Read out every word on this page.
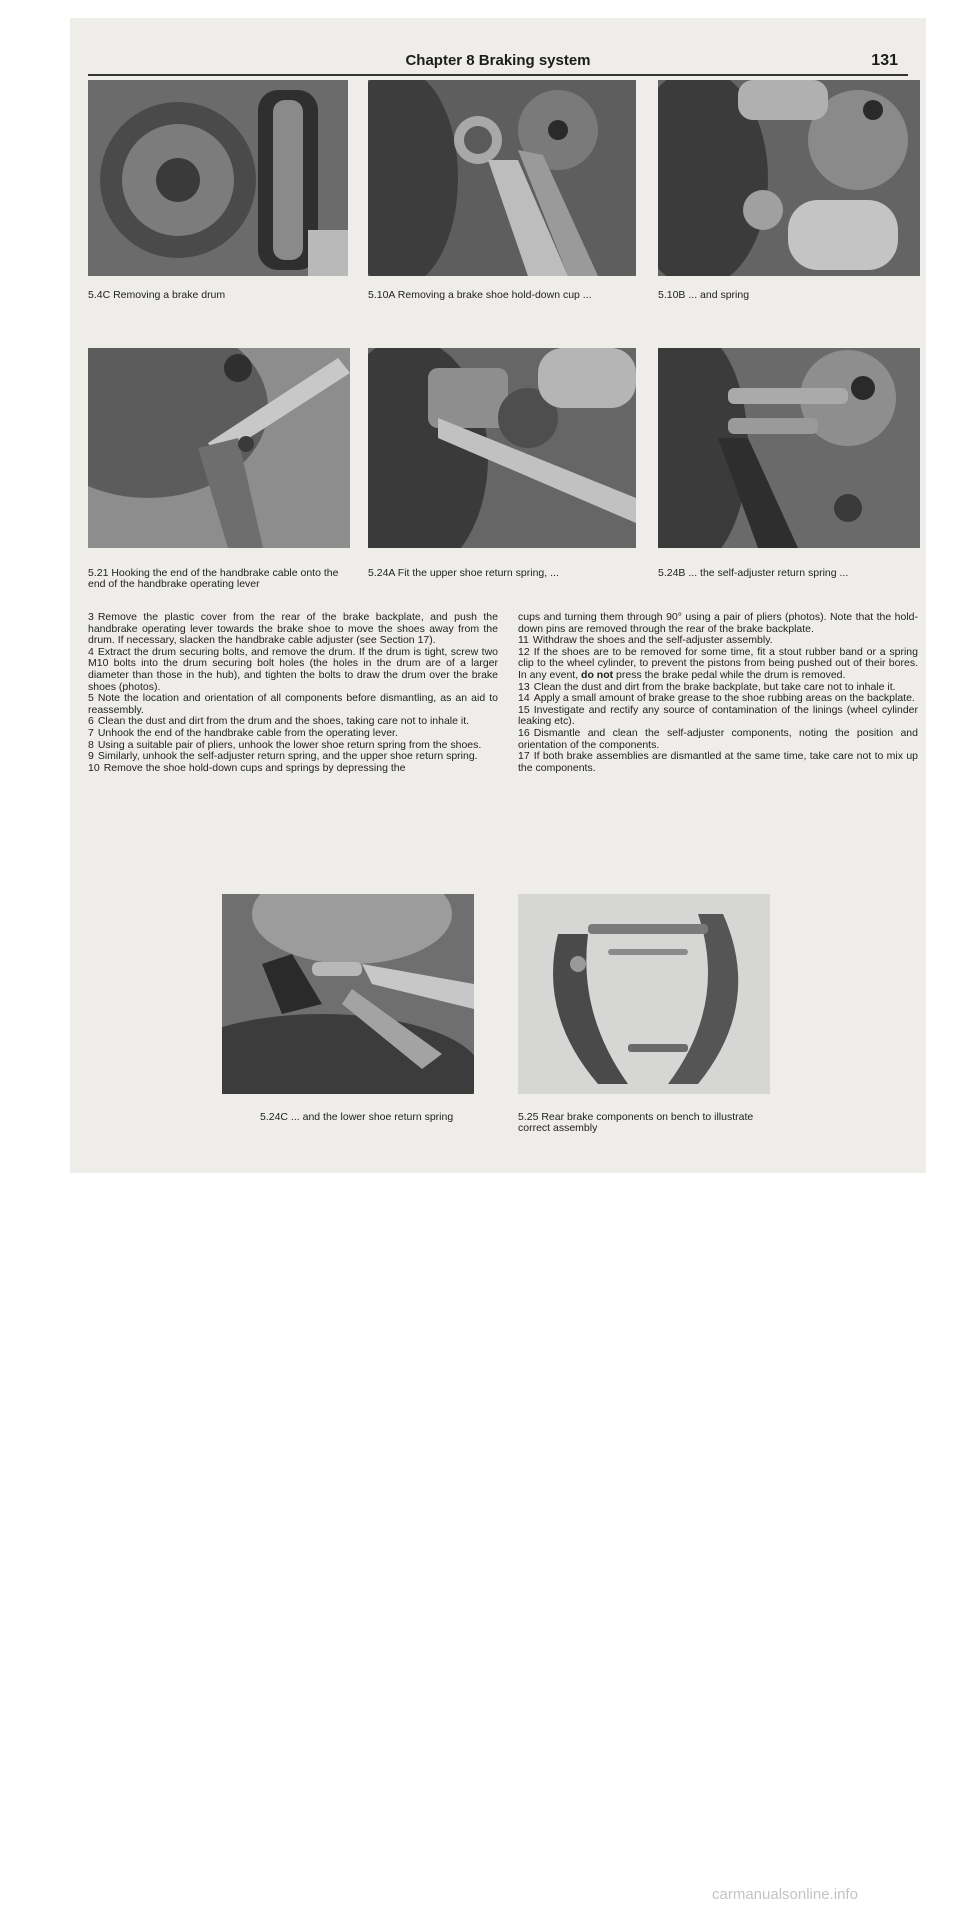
Chapter 8 Braking system	131
5.4C Removing a brake drum	5.10A Removing a brake shoe hold-down cup ...	5.10B ... and spring
5.21 Hooking the end of the handbrake cable onto the end of the handbrake operating lever
5.24A Fit the upper shoe return spring, ...	5.24B ... the self-adjuster return spring ...

3 Remove the plastic cover from the rear of the brake backplate, and push the handbrake operating lever towards the brake shoe to move the shoes away from the drum. If necessary, slacken the handbrake cable adjuster (see Section 17).

4 Extract the drum securing bolts, and remove the drum. If the drum is tight, screw two M10 bolts into the drum securing bolt holes (the holes in the drum are of a larger diameter than those in the hub), and tighten the bolts to draw the drum over the brake shoes (photos).

5 Note the location and orientation of all components before dismantling, as an aid to reassembly.

6 Clean the dust and dirt from the drum and the shoes, taking care not to inhale it.

7 Unhook the end of the handbrake cable from the operating lever.

8 Using a suitable pair of pliers, unhook the lower shoe return spring from the shoes.

9 Similarly, unhook the self-adjuster return spring, and the upper shoe return spring.

10 Remove the shoe hold-down cups and springs by depressing the

cups and turning them through 90° using a pair of pliers (photos). Note that the hold-down pins are removed through the rear of the brake backplate.

11 Withdraw the shoes and the self-adjuster assembly.

12 If the shoes are to be removed for some time, fit a stout rubber band or a spring clip to the wheel cylinder, to prevent the pistons from being pushed out of their bores. In any event, do not press the brake pedal while the drum is removed.

13 Clean the dust and dirt from the brake backplate, but take care not to inhale it.

14 Apply a small amount of brake grease to the shoe rubbing areas on the backplate.

15 Investigate and rectify any source of contamination of the linings (wheel cylinder leaking etc).

16 Dismantle and clean the self-adjuster components, noting the position and orientation of the components.

17 If both brake assemblies are dismantled at the same time, take care not to mix up the components.

5.24C ... and the lower shoe return spring	5.25 Rear brake components on bench to illustrate correct assembly
carmanualsonline.info
